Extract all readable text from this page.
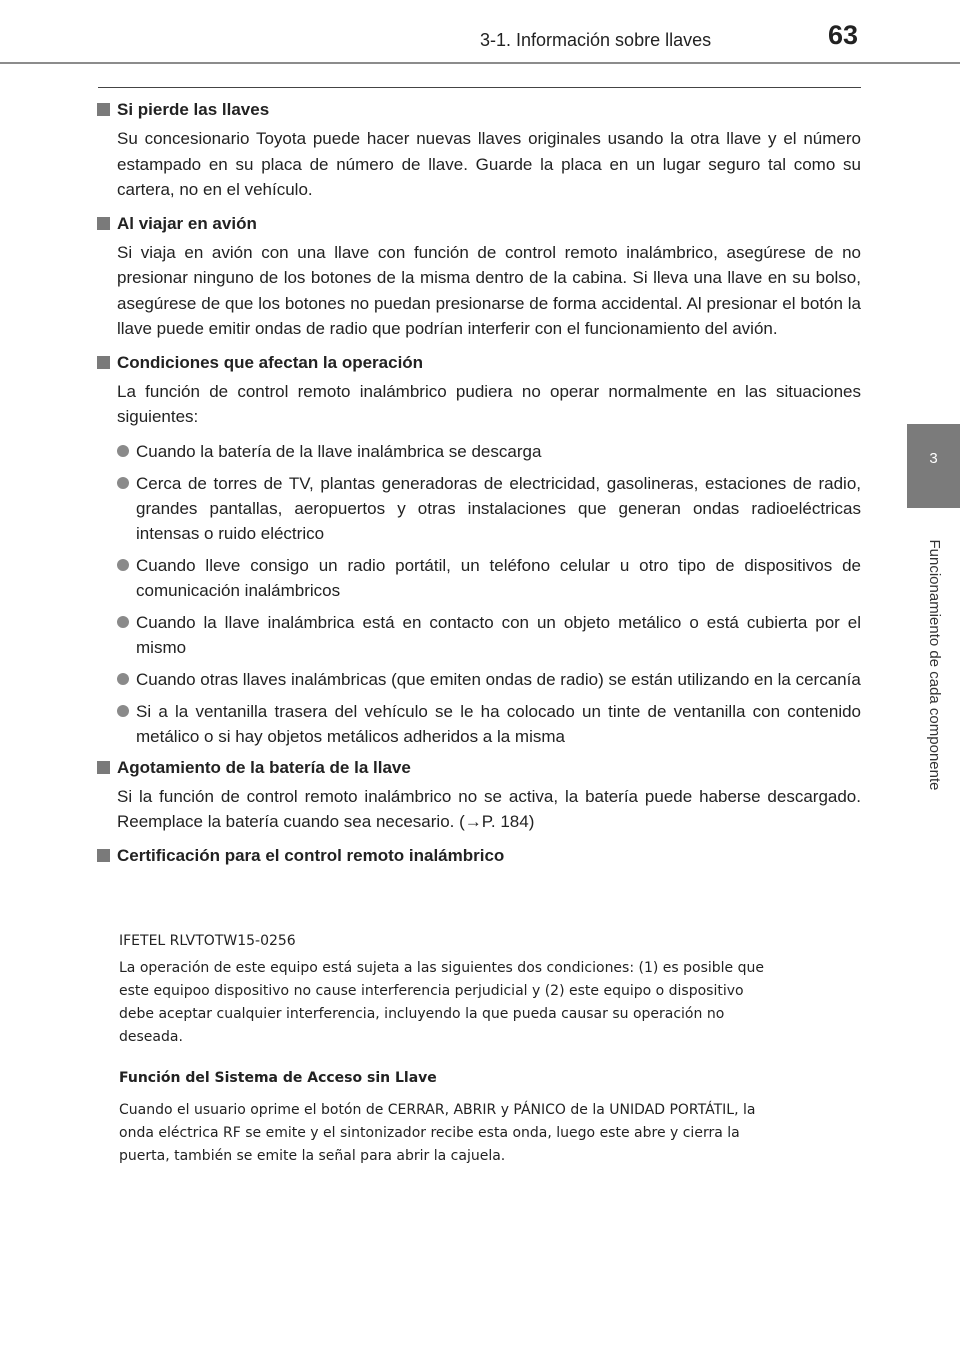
3-1. Información sobre llaves	63
3
Funcionamiento de cada componente
Si pierde las llaves

Su concesionario Toyota puede hacer nuevas llaves originales usando la otra llave y el número estampado en su placa de número de llave. Guarde la placa en un lugar seguro tal como su cartera, no en el vehículo.

Al viajar en avión

Si viaja en avión con una llave con función de control remoto inalámbrico, asegúrese de no presionar ninguno de los botones de la misma dentro de la cabina. Si lleva una llave en su bolso, asegúrese de que los botones no puedan presionarse de forma accidental. Al presionar el botón la llave puede emitir ondas de radio que podrían interferir con el funcionamiento del avión.

Condiciones que afectan la operación

La función de control remoto inalámbrico pudiera no operar normalmente en las situaciones siguientes:

Cuando la batería de la llave inalámbrica se descarga
Cerca de torres de TV, plantas generadoras de electricidad, gasolineras, estaciones de radio, grandes pantallas, aeropuertos y otras instalaciones que generan ondas radioeléctricas intensas o ruido eléctrico
Cuando lleve consigo un radio portátil, un teléfono celular u otro tipo de dispositivos de comunicación inalámbricos
Cuando la llave inalámbrica está en contacto con un objeto metálico o está cubierta por el mismo
Cuando otras llaves inalámbricas (que emiten ondas de radio) se están utilizando en la cercanía
Si a la ventanilla trasera del vehículo se le ha colocado un tinte de ventanilla con contenido metálico o si hay objetos metálicos adheridos a la misma
Agotamiento de la batería de la llave

Si la función de control remoto inalámbrico no se activa, la batería puede haberse descargado. Reemplace la batería cuando sea necesario. (→P. 184)

Certificación para el control remoto inalámbrico

IFETEL RLVTOTW15-0256

La operación de este equipo está sujeta a las siguientes dos condiciones: (1) es posible que

este equipoo dispositivo no cause interferencia perjudicial y (2) este equipo o dispositivo

debe aceptar cualquier interferencia, incluyendo la que pueda causar su operación no

deseada.

Función del Sistema de Acceso sin Llave

Cuando el usuario oprime el botón de CERRAR, ABRIR y PÁNICO de la UNIDAD PORTÁTIL, la

onda eléctrica RF se emite y el sintonizador recibe esta onda, luego este abre y cierra la

puerta, también se emite la señal para abrir la cajuela.
